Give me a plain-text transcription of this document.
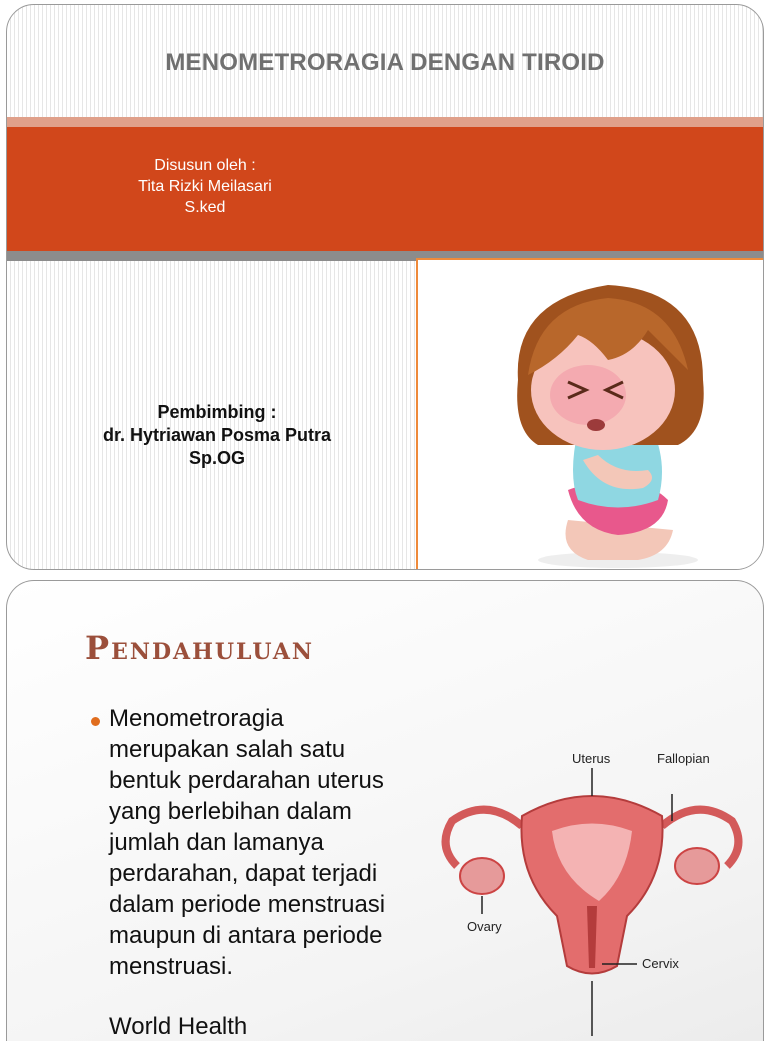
MENOMETRORAGIA DENGAN TIROID
Disusun oleh :
Tita Rizki Meilasari
S.ked
Pembimbing :
dr. Hytriawan Posma Putra
Sp.OG
Pendahuluan
Menometroragia merupakan salah satu bentuk perdarahan uterus yang berlebihan dalam jumlah dan lamanya perdarahan, dapat terjadi dalam periode menstruasi maupun di antara periode menstruasi.
World Health
Uterus	Fallopian
Ovary
Cervix
